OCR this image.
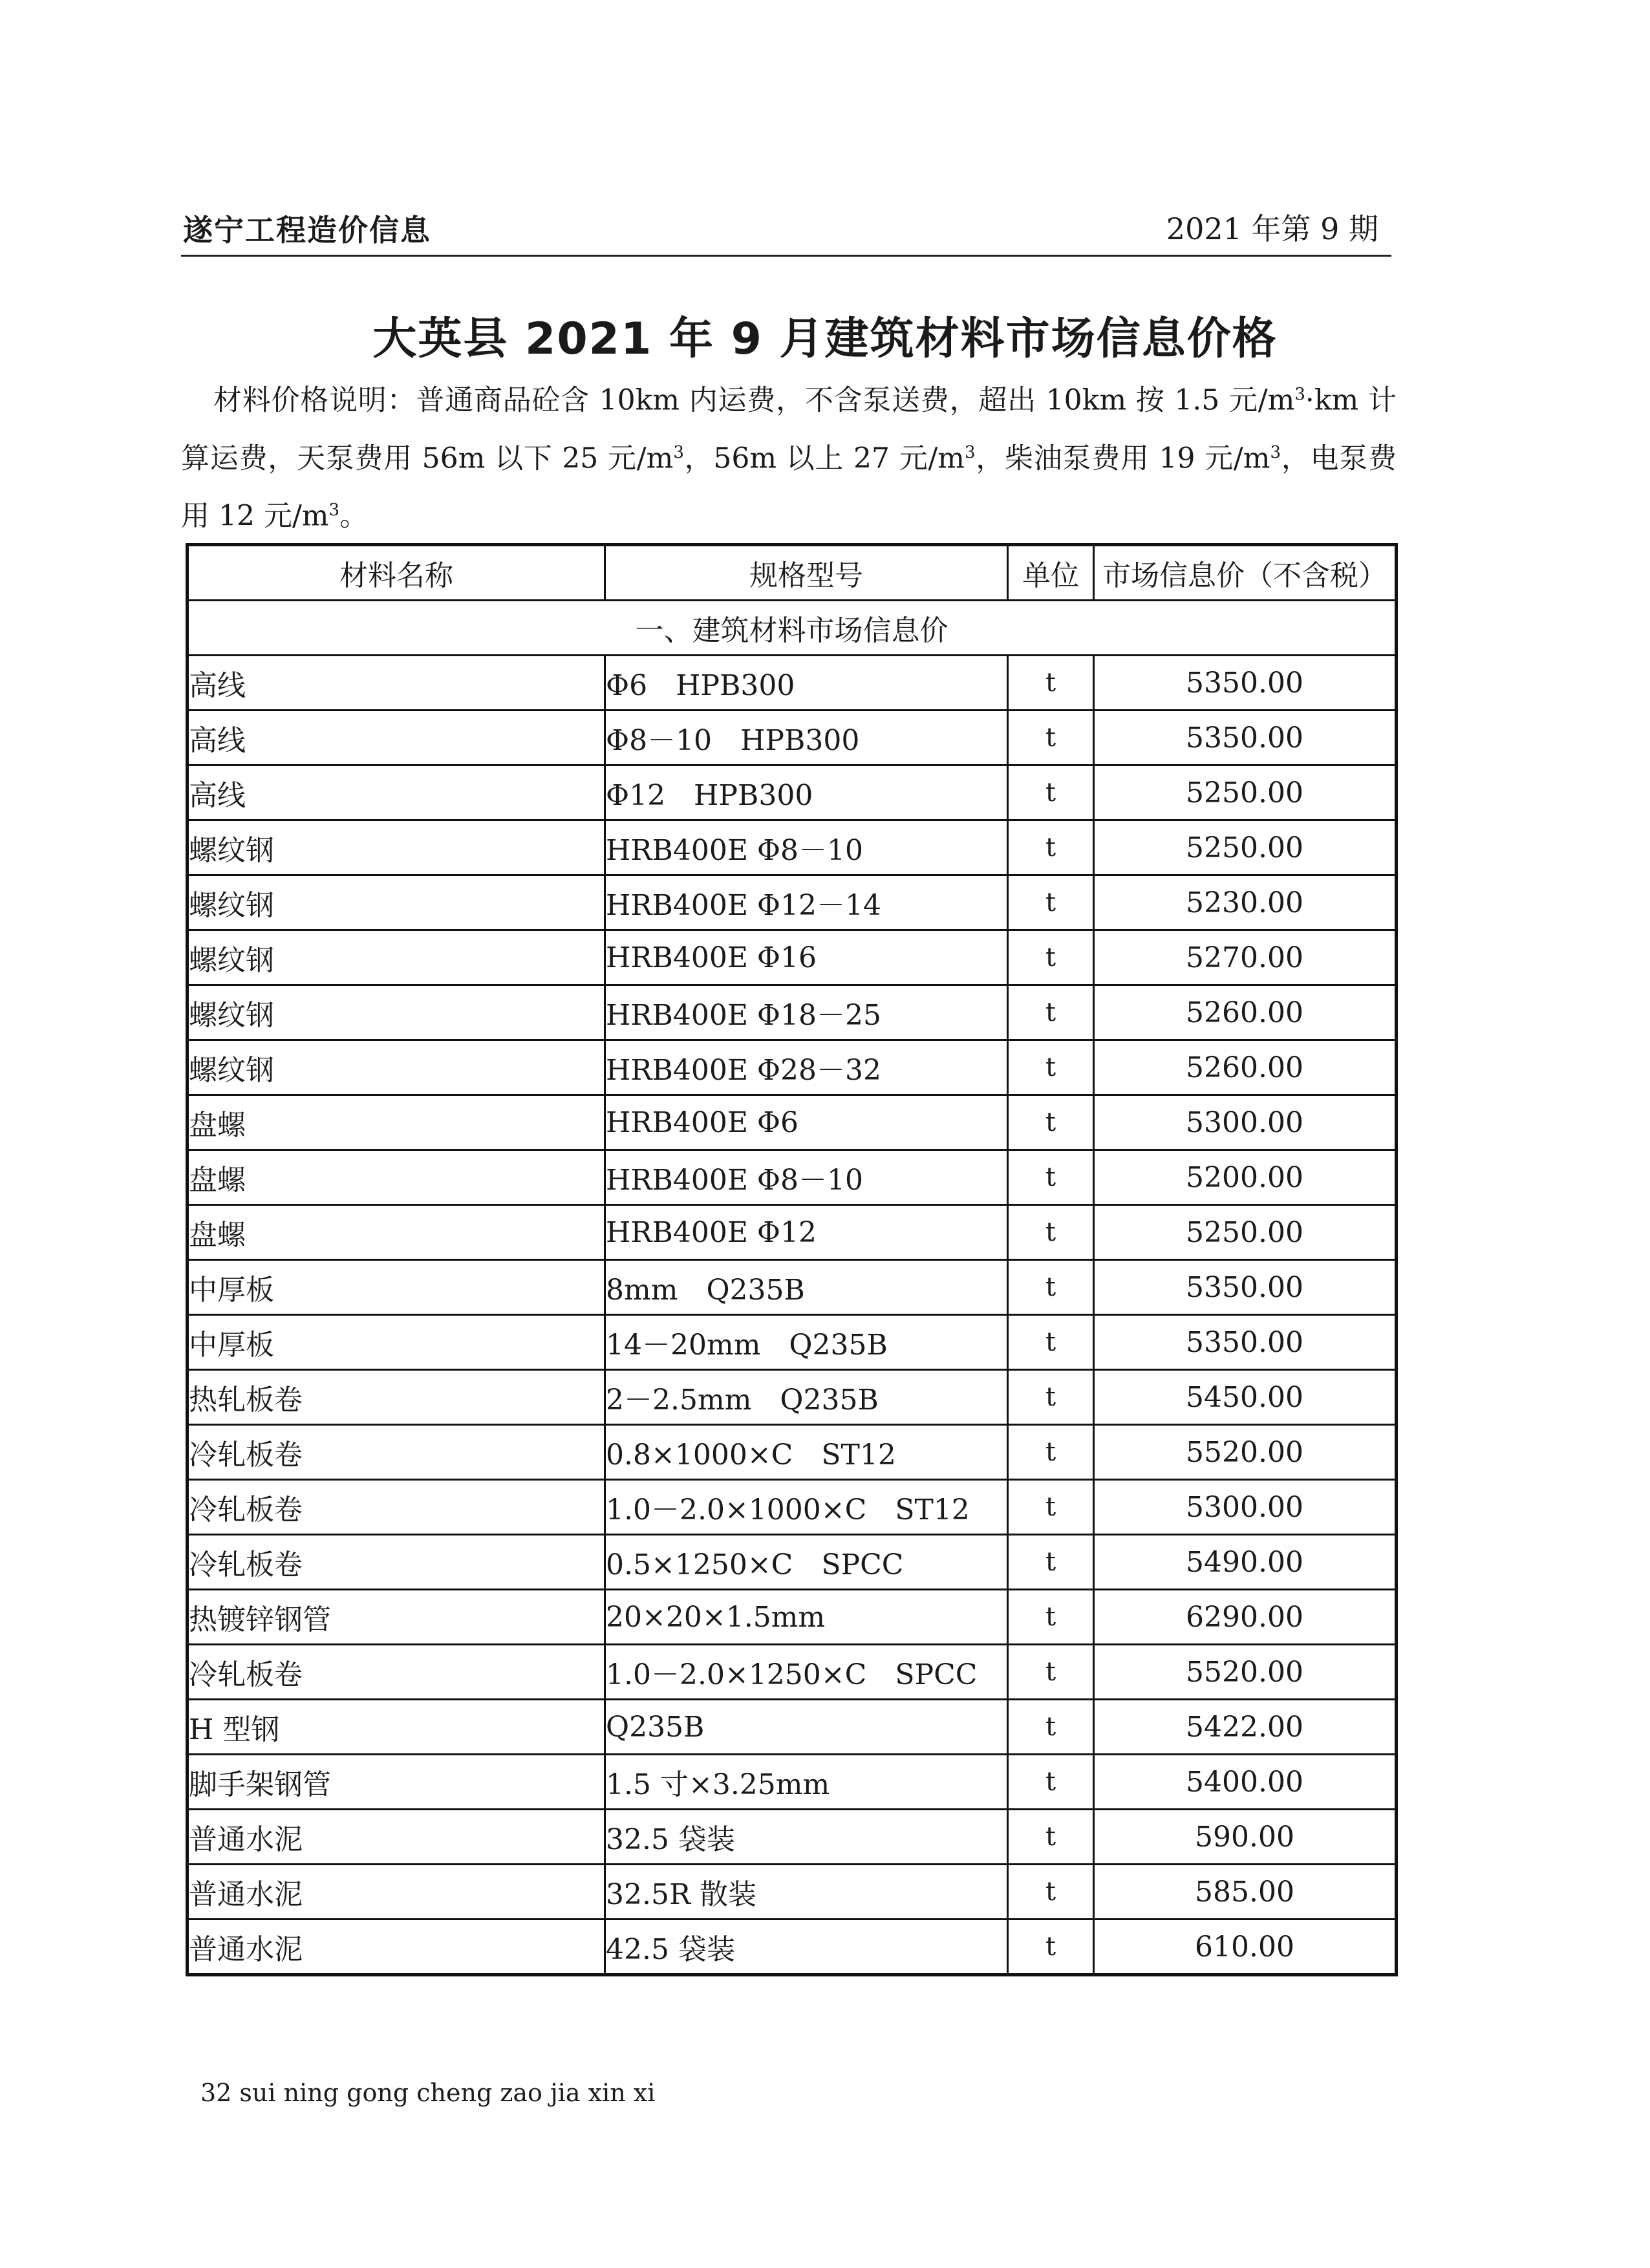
遂宁工程造价信息	2021 年第 9 期
大英县 2021 年 9 月建筑材料市场信息价格
材料价格说明：普通商品砼含 10km 内运费，不含泵送费，超出 10km 按 1.5 元$/m^3\cdot km$ 计算运费，天泵费用 56m 以下 25 元$/m^3$，56m 以上 27 元$/m^3$，柴油泵费用 19 元$/m^3$，电泵费用 12 元$/m^3$。
材料名称	规格型号	单位	市场信息价（不含税）
一、建筑材料市场信息价			
高线	Φ6　HPB300	t	5350.00
高线	Φ8－10　HPB300	t	5350.00
高线	Φ12　HPB300	t	5250.00
螺纹钢	HRB400E Φ8－10	t	5250.00
螺纹钢	HRB400E Φ12－14	t	5230.00
螺纹钢	HRB400E Φ16	t	5270.00
螺纹钢	HRB400E Φ18－25	t	5260.00
螺纹钢	HRB400E Φ28－32	t	5260.00
盘螺	HRB400E Φ6	t	5300.00
盘螺	HRB400E Φ8－10	t	5200.00
盘螺	HRB400E Φ12	t	5250.00
中厚板	8mm　Q235B	t	5350.00
中厚板	14－20mm　Q235B	t	5350.00
热轧板卷	2－2.5mm　Q235B	t	5450.00
冷轧板卷	0.8×1000×C　ST12	t	5520.00
冷轧板卷	1.0－2.0×1000×C　ST12	t	5300.00
冷轧板卷	0.5×1250×C　SPCC	t	5490.00
热镀锌钢管	20×20×1.5mm	t	6290.00
冷轧板卷	1.0－2.0×1250×C　SPCC	t	5520.00
H 型钢	Q235B	t	5422.00
脚手架钢管	1.5 寸×3.25mm	t	5400.00
普通水泥	32.5 袋装	t	590.00
普通水泥	32.5R 散装	t	585.00
普通水泥	42.5 袋装	t	610.00
32 sui ning gong cheng zao jia xin xi
